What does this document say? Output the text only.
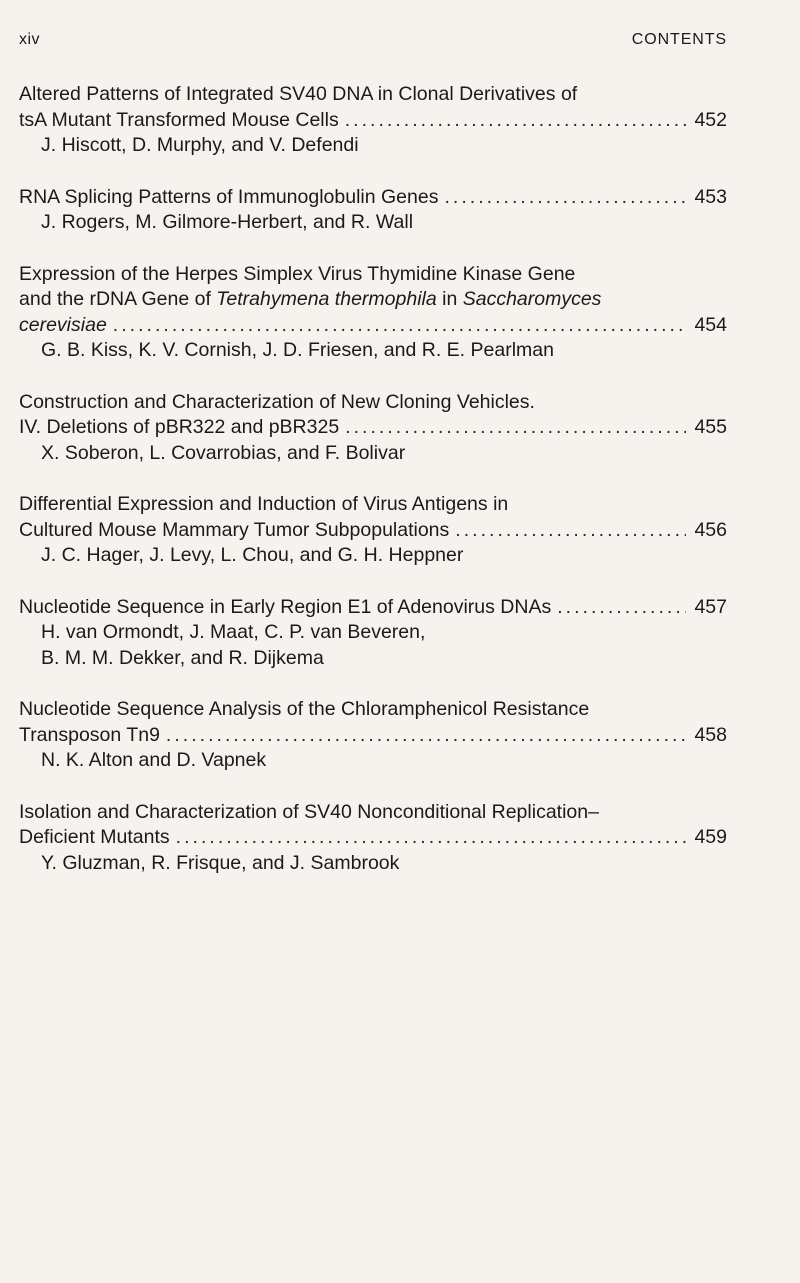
xiv	CONTENTS
Altered Patterns of Integrated SV40 DNA in Clonal Derivatives of
tsA Mutant Transformed Mouse Cells . . .	452
J. Hiscott, D. Murphy, and V. Defendi
RNA Splicing Patterns of Immunoglobulin Genes . . .	453
J. Rogers, M. Gilmore-Herbert, and R. Wall
Expression of the Herpes Simplex Virus Thymidine Kinase Gene
and the rDNA Gene of Tetrahymena thermophila in Saccharomyces
cerevisiae . . .	454
G. B. Kiss, K. V. Cornish, J. D. Friesen, and R. E. Pearlman
Construction and Characterization of New Cloning Vehicles.
IV. Deletions of pBR322 and pBR325 . . .	455
X. Soberon, L. Covarrobias, and F. Bolivar
Differential Expression and Induction of Virus Antigens in
Cultured Mouse Mammary Tumor Subpopulations . . .	456
J. C. Hager, J. Levy, L. Chou, and G. H. Heppner
Nucleotide Sequence in Early Region E1 of Adenovirus DNAs . . .	457
H. van Ormondt, J. Maat, C. P. van Beveren,
B. M. M. Dekker, and R. Dijkema
Nucleotide Sequence Analysis of the Chloramphenicol Resistance
Transposon Tn9 . . .	458
N. K. Alton and D. Vapnek
Isolation and Characterization of SV40 Nonconditional Replication–
Deficient Mutants . . .	459
Y. Gluzman, R. Frisque, and J. Sambrook
